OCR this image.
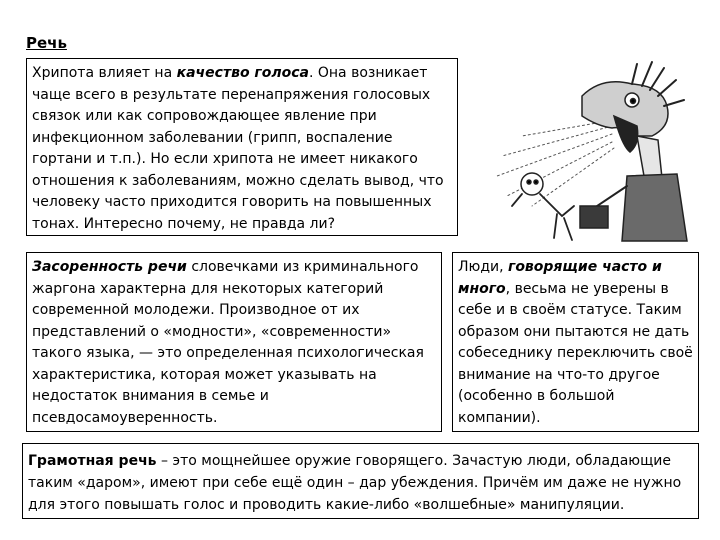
Речь
Хрипота влияет на качество голоса. Она возникает чаще всего в результате перенапряжения голосовых связок или как сопровождающее явление при инфекционном заболевании (грипп, воспаление гортани и т.п.). Но если хрипота не имеет никакого отношения к заболеваниям, можно сделать вывод, что человеку часто приходится говорить на повышенных тонах. Интересно почему, не правда ли?
Засоренность речи словечками из криминального жаргона характерна для некоторых категорий современной молодежи. Производное от их представлений о «модности», «современности» такого языка, — это определенная психологическая характеристика, которая может указывать на недостаток внимания в семье и псевдосамоуверенность.
Люди, говорящие часто и много, весьма не уверены в себе и в своём статусе. Таким образом они пытаются не дать собеседнику переключить своё внимание на что-то другое (особенно в большой компании).
Грамотная речь – это мощнейшее оружие говорящего. Зачастую люди, обладающие таким «даром», имеют при себе ещё один – дар убеждения. Причём им даже не нужно для этого повышать голос и проводить какие-либо «волшебные» манипуляции.
